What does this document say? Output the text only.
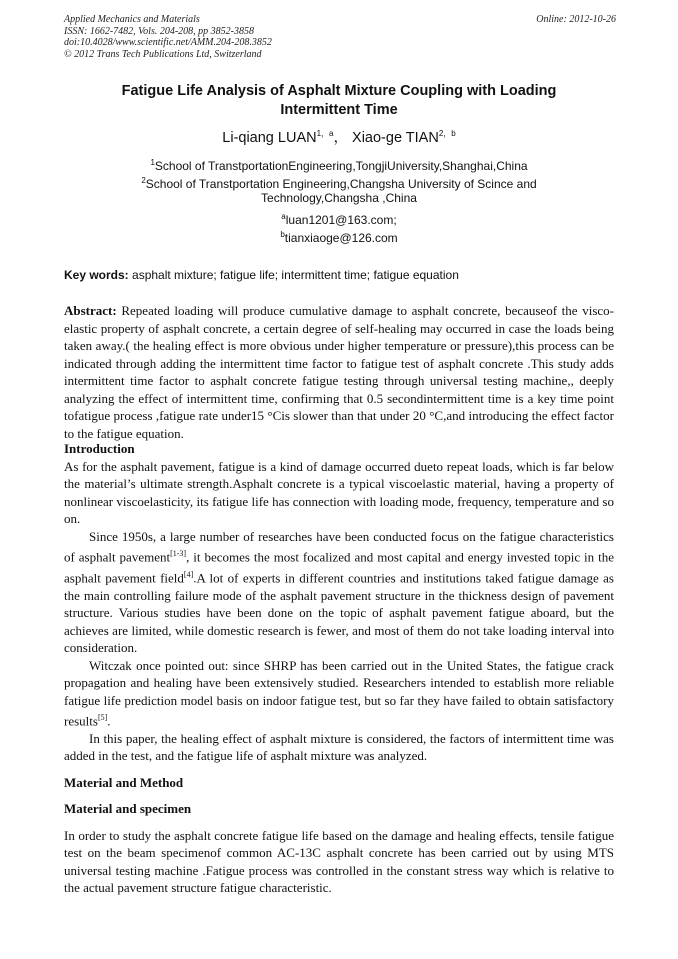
Applied Mechanics and Materials
ISSN: 1662-7482, Vols. 204-208, pp 3852-3858
doi:10.4028/www.scientific.net/AMM.204-208.3852
© 2012 Trans Tech Publications Ltd, Switzerland
Online: 2012-10-26
Fatigue Life Analysis of Asphalt Mixture Coupling with Loading
Intermittent Time
Li-qiang $LUAN^{1,a}$， Xiao-ge $TIAN^{2,b}$
$^1$School of TranstportationEngineering,TongjiUniversity,Shanghai,China
$^2$School of Transtportation Engineering,Changsha University of Scince and
Technology,Changsha ,China
$^a$luan1201@163.com;
$^b$tianxiaoge@126.com
Key words: asphalt mixture; fatigue life; intermittent time; fatigue equation

Abstract: Repeated loading will produce cumulative damage to asphalt concrete, becauseof the visco-elastic property of asphalt concrete, a certain degree of self-healing may occurred in case the loads being taken away.( the healing effect is more obvious under higher temperature or pressure),this process can be indicated through adding the intermittent time factor to fatigue test of asphalt concrete .This study adds intermittent time factor to asphalt concrete fatigue testing through universal testing machine,, deeply analyzing the effect of intermittent time, confirming that 0.5 secondintermittent time is a key time point tofatigue process ,fatigue rate under15 °Cis slower than that under 20 °C,and introducing the effect factor to the fatigue equation.

Introduction

As for the asphalt pavement, fatigue is a kind of damage occurred dueto repeat loads, which is far below the material’s ultimate strength.Asphalt concrete is a typical viscoelastic material, having a property of nonlinear viscoelasticity, its fatigue life has connection with loading mode, frequency, temperature and so on.

Since 1950s, a large number of researches have been conducted focus on the fatigue characteristics of asphalt pavement[1-3], it becomes the most focalized and most capital and energy invested topic in the asphalt pavement field[4].A lot of experts in different countries and institutions taked fatigue damage as the main controlling failure mode of the asphalt pavement structure in the thickness design of pavement structure. Various studies have been done on the topic of asphalt pavement fatigue aboard, but the achieves are limited, while domestic research is fewer, and most of them do not take loading interval into consideration.

Witczak once pointed out: since SHRP has been carried out in the United States, the fatigue crack propagation and healing have been extensively studied. Researchers intended to establish more reliable fatigue life prediction model basis on indoor fatigue test, but so far they have failed to obtain satisfactory results[5].

In this paper, the healing effect of asphalt mixture is considered, the factors of intermittent time was added in the test, and the fatigue life of asphalt mixture was analyzed.

Material and Method

Material and specimen

In order to study the asphalt concrete fatigue life based on the damage and healing effects, tensile fatigue test on the beam specimenof common AC-13C asphalt concrete has been carried out by using MTS universal testing machine .Fatigue process was controlled in the constant stress way which is relative to the actual pavement structure fatigue characteristic.
